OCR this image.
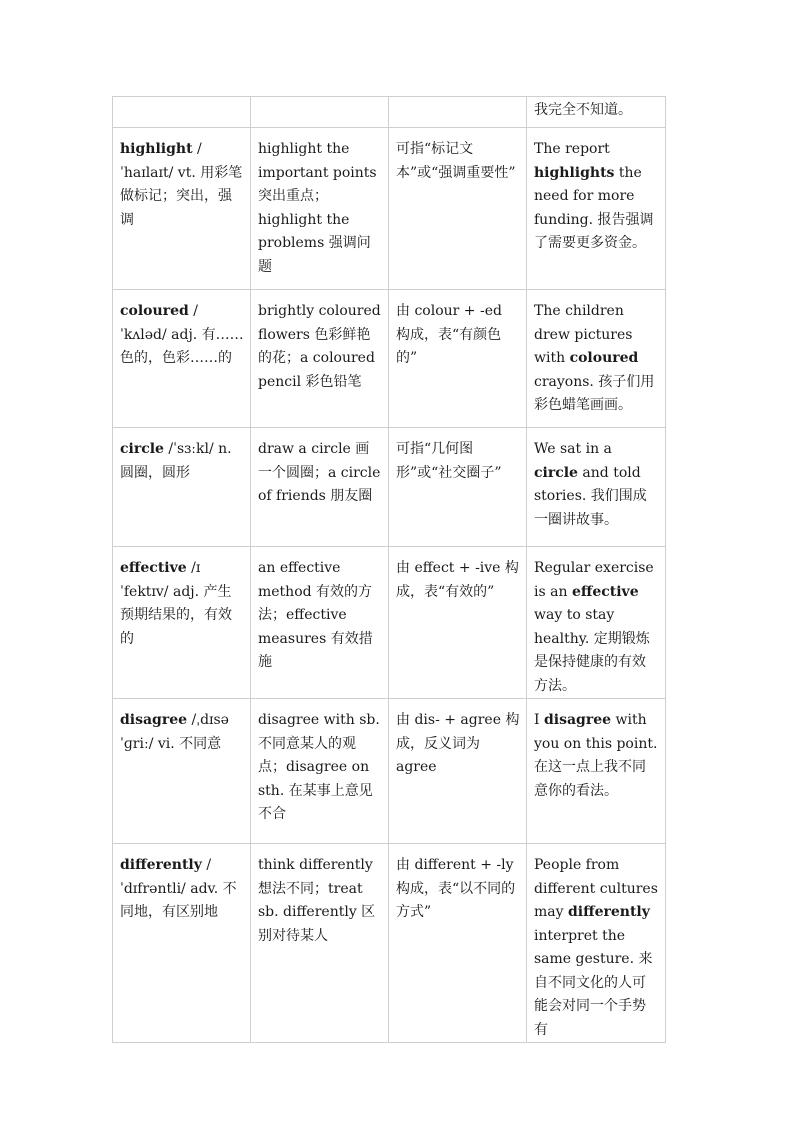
			我完全不知道。
highlight /ˈhaɪlaɪt/ vt. 用彩笔做标记；突出，强调	highlight the important points 突出重点；highlight the problems 强调问题	可指“标记文本”或“强调重要性”	The report highlights the need for more funding. 报告强调了需要更多资金。
coloured /ˈkʌləd/ adj. 有……色的，色彩……的	brightly coloured flowers 色彩鲜艳的花；a coloured pencil 彩色铅笔	由 colour + -ed 构成，表“有颜色的”	The children drew pictures with coloured crayons. 孩子们用彩色蜡笔画画。
circle /ˈsɜːkl/ n. 圆圈，圆形	draw a circle 画一个圆圈；a circle of friends 朋友圈	可指“几何图形”或“社交圈子”	We sat in a circle and told stories. 我们围成一圈讲故事。
effective /ɪˈfektɪv/ adj. 产生预期结果的，有效的	an effective method 有效的方法；effective measures 有效措施	由 effect + -ive 构成，表“有效的”	Regular exercise is an effective way to stay healthy. 定期锻炼是保持健康的有效方法。
disagree /ˌdɪsəˈɡriː/ vi. 不同意	disagree with sb. 不同意某人的观点；disagree on sth. 在某事上意见不合	由 dis- + agree 构成，反义词为 agree	I disagree with you on this point. 在这一点上我不同意你的看法。
differently /ˈdɪfrəntli/ adv. 不同地，有区别地	think differently 想法不同；treat sb. differently 区别对待某人	由 different + -ly 构成，表“以不同的方式”	People from different cultures may differently interpret the same gesture. 来自不同文化的人可能会对同一个手势有
